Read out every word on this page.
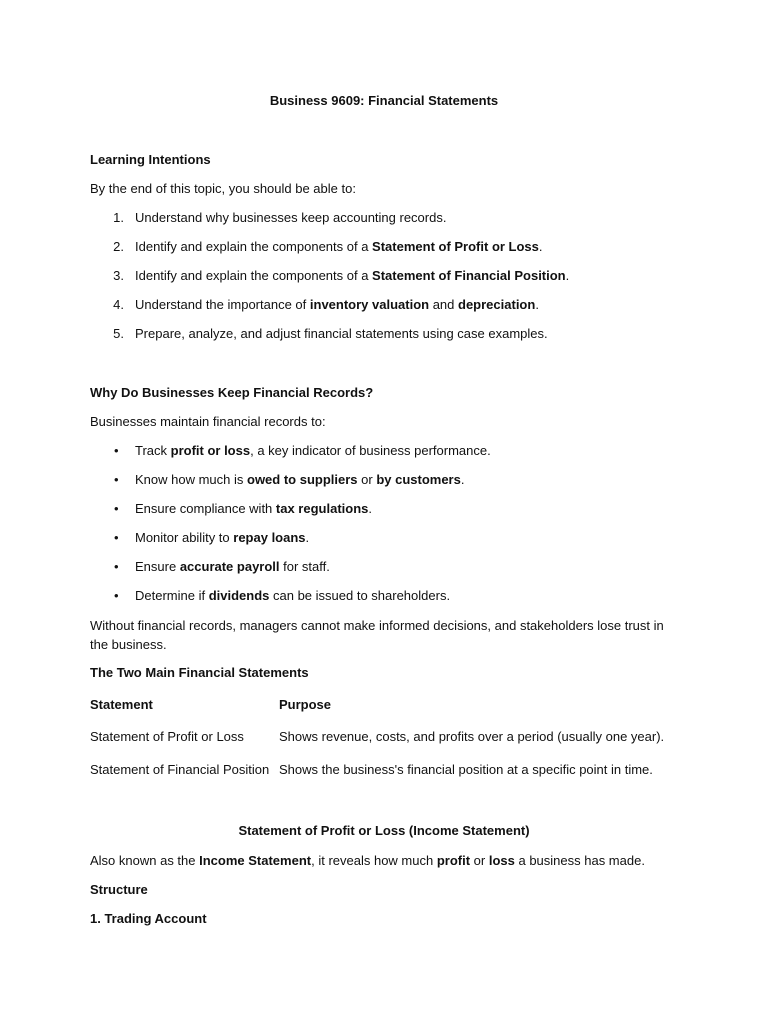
Business 9609: Financial Statements
Learning Intentions
By the end of this topic, you should be able to:
1. Understand why businesses keep accounting records.
2. Identify and explain the components of a Statement of Profit or Loss.
3. Identify and explain the components of a Statement of Financial Position.
4. Understand the importance of inventory valuation and depreciation.
5. Prepare, analyze, and adjust financial statements using case examples.
Why Do Businesses Keep Financial Records?
Businesses maintain financial records to:
• Track profit or loss, a key indicator of business performance.
• Know how much is owed to suppliers or by customers.
• Ensure compliance with tax regulations.
• Monitor ability to repay loans.
• Ensure accurate payroll for staff.
• Determine if dividends can be issued to shareholders.
Without financial records, managers cannot make informed decisions, and stakeholders lose trust in the business.
The Two Main Financial Statements
Statement	Purpose
Statement of Profit or Loss	Shows revenue, costs, and profits over a period (usually one year).
Statement of Financial Position Shows the business's financial position at a specific point in time.
Statement of Profit or Loss (Income Statement)
Also known as the Income Statement, it reveals how much profit or loss a business has made.
Structure
1. Trading Account
